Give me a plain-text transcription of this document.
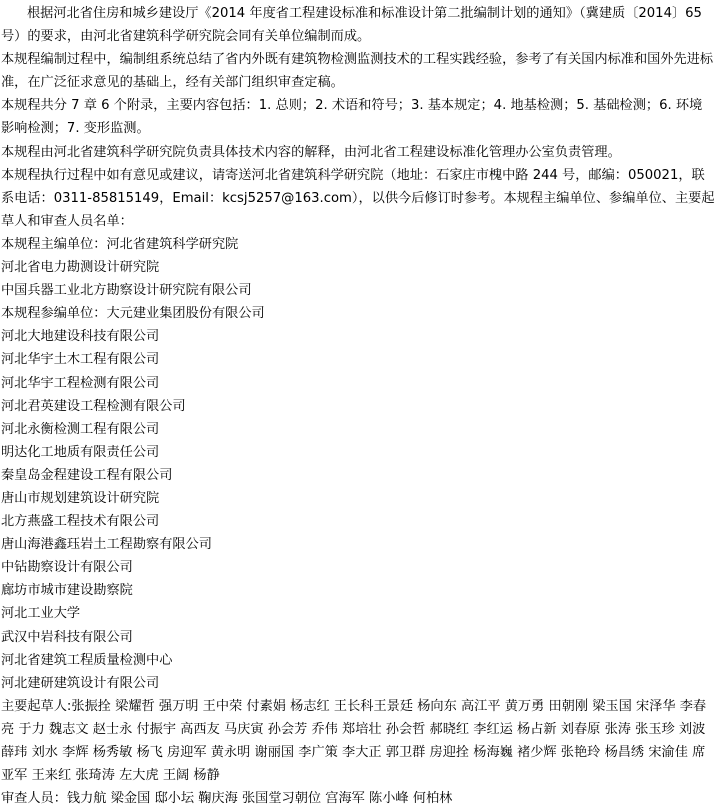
根据河北省住房和城乡建设厅《2014 年度省工程建设标准和标准设计第二批编制计划的通知》（冀建质〔2014〕65 号）的要求，由河北省建筑科学研究院会同有关单位编制而成。

本规程编制过程中，编制组系统总结了省内外既有建筑物检测监测技术的工程实践经验，参考了有关国内标准和国外先进标准，在广泛征求意见的基础上，经有关部门组织审查定稿。

本规程共分 7 章 6 个附录，主要内容包括：1. 总则；2. 术语和符号；3. 基本规定；4. 地基检测；5. 基础检测；6. 环境影响检测；7. 变形监测。

本规程由河北省建筑科学研究院负责具体技术内容的解释，由河北省工程建设标准化管理办公室负责管理。

本规程执行过程中如有意见或建议，请寄送河北省建筑科学研究院（地址：石家庄市槐中路 244 号，邮编：050021，联系电话：0311-85815149，Email：kcsj5257@163.com），以供今后修订时参考。本规程主编单位、参编单位、主要起草人和审查人员名单：

本规程主编单位：河北省建筑科学研究院

河北省电力勘测设计研究院

中国兵器工业北方勘察设计研究院有限公司

本规程参编单位：大元建业集团股份有限公司

河北大地建设科技有限公司

河北华宇土木工程有限公司

河北华宇工程检测有限公司

河北君英建设工程检测有限公司

河北永衡检测工程有限公司

明达化工地质有限责任公司

秦皇岛金程建设工程有限公司

唐山市规划建筑设计研究院

北方燕盛工程技术有限公司

唐山海港鑫珏岩土工程勘察有限公司

中钻勘察设计有限公司

廊坊市城市建设勘察院

河北工业大学

武汉中岩科技有限公司

河北省建筑工程质量检测中心

河北建研建筑设计有限公司

主要起草人:张振拴 梁耀哲 强万明 王中荣 付素娟 杨志红 王长科王景廷 杨向东 高江平 黄万勇 田朝刚 梁玉国 宋泽华 李春亮 于力 魏志文 赵士永 付振宇 高西友 马庆寅 孙会芳 乔伟 郑培壮 孙会哲 郝晓红 李红运 杨占新 刘春原 张涛 张玉珍 刘波 薛玮 刘水 李辉 杨秀敏 杨飞 房迎军 黄永明 谢丽国 李广策 李大正 郭卫群 房迎拴 杨海巍 褚少辉 张艳玲 杨昌绣 宋渝佳 席亚军 王来红 张琦涛 左大虎 王阔 杨静

审查人员：钱力航 梁金国 邸小坛 鞠庆海 张国堂习朝位 宫海军 陈小峰 何柏林
